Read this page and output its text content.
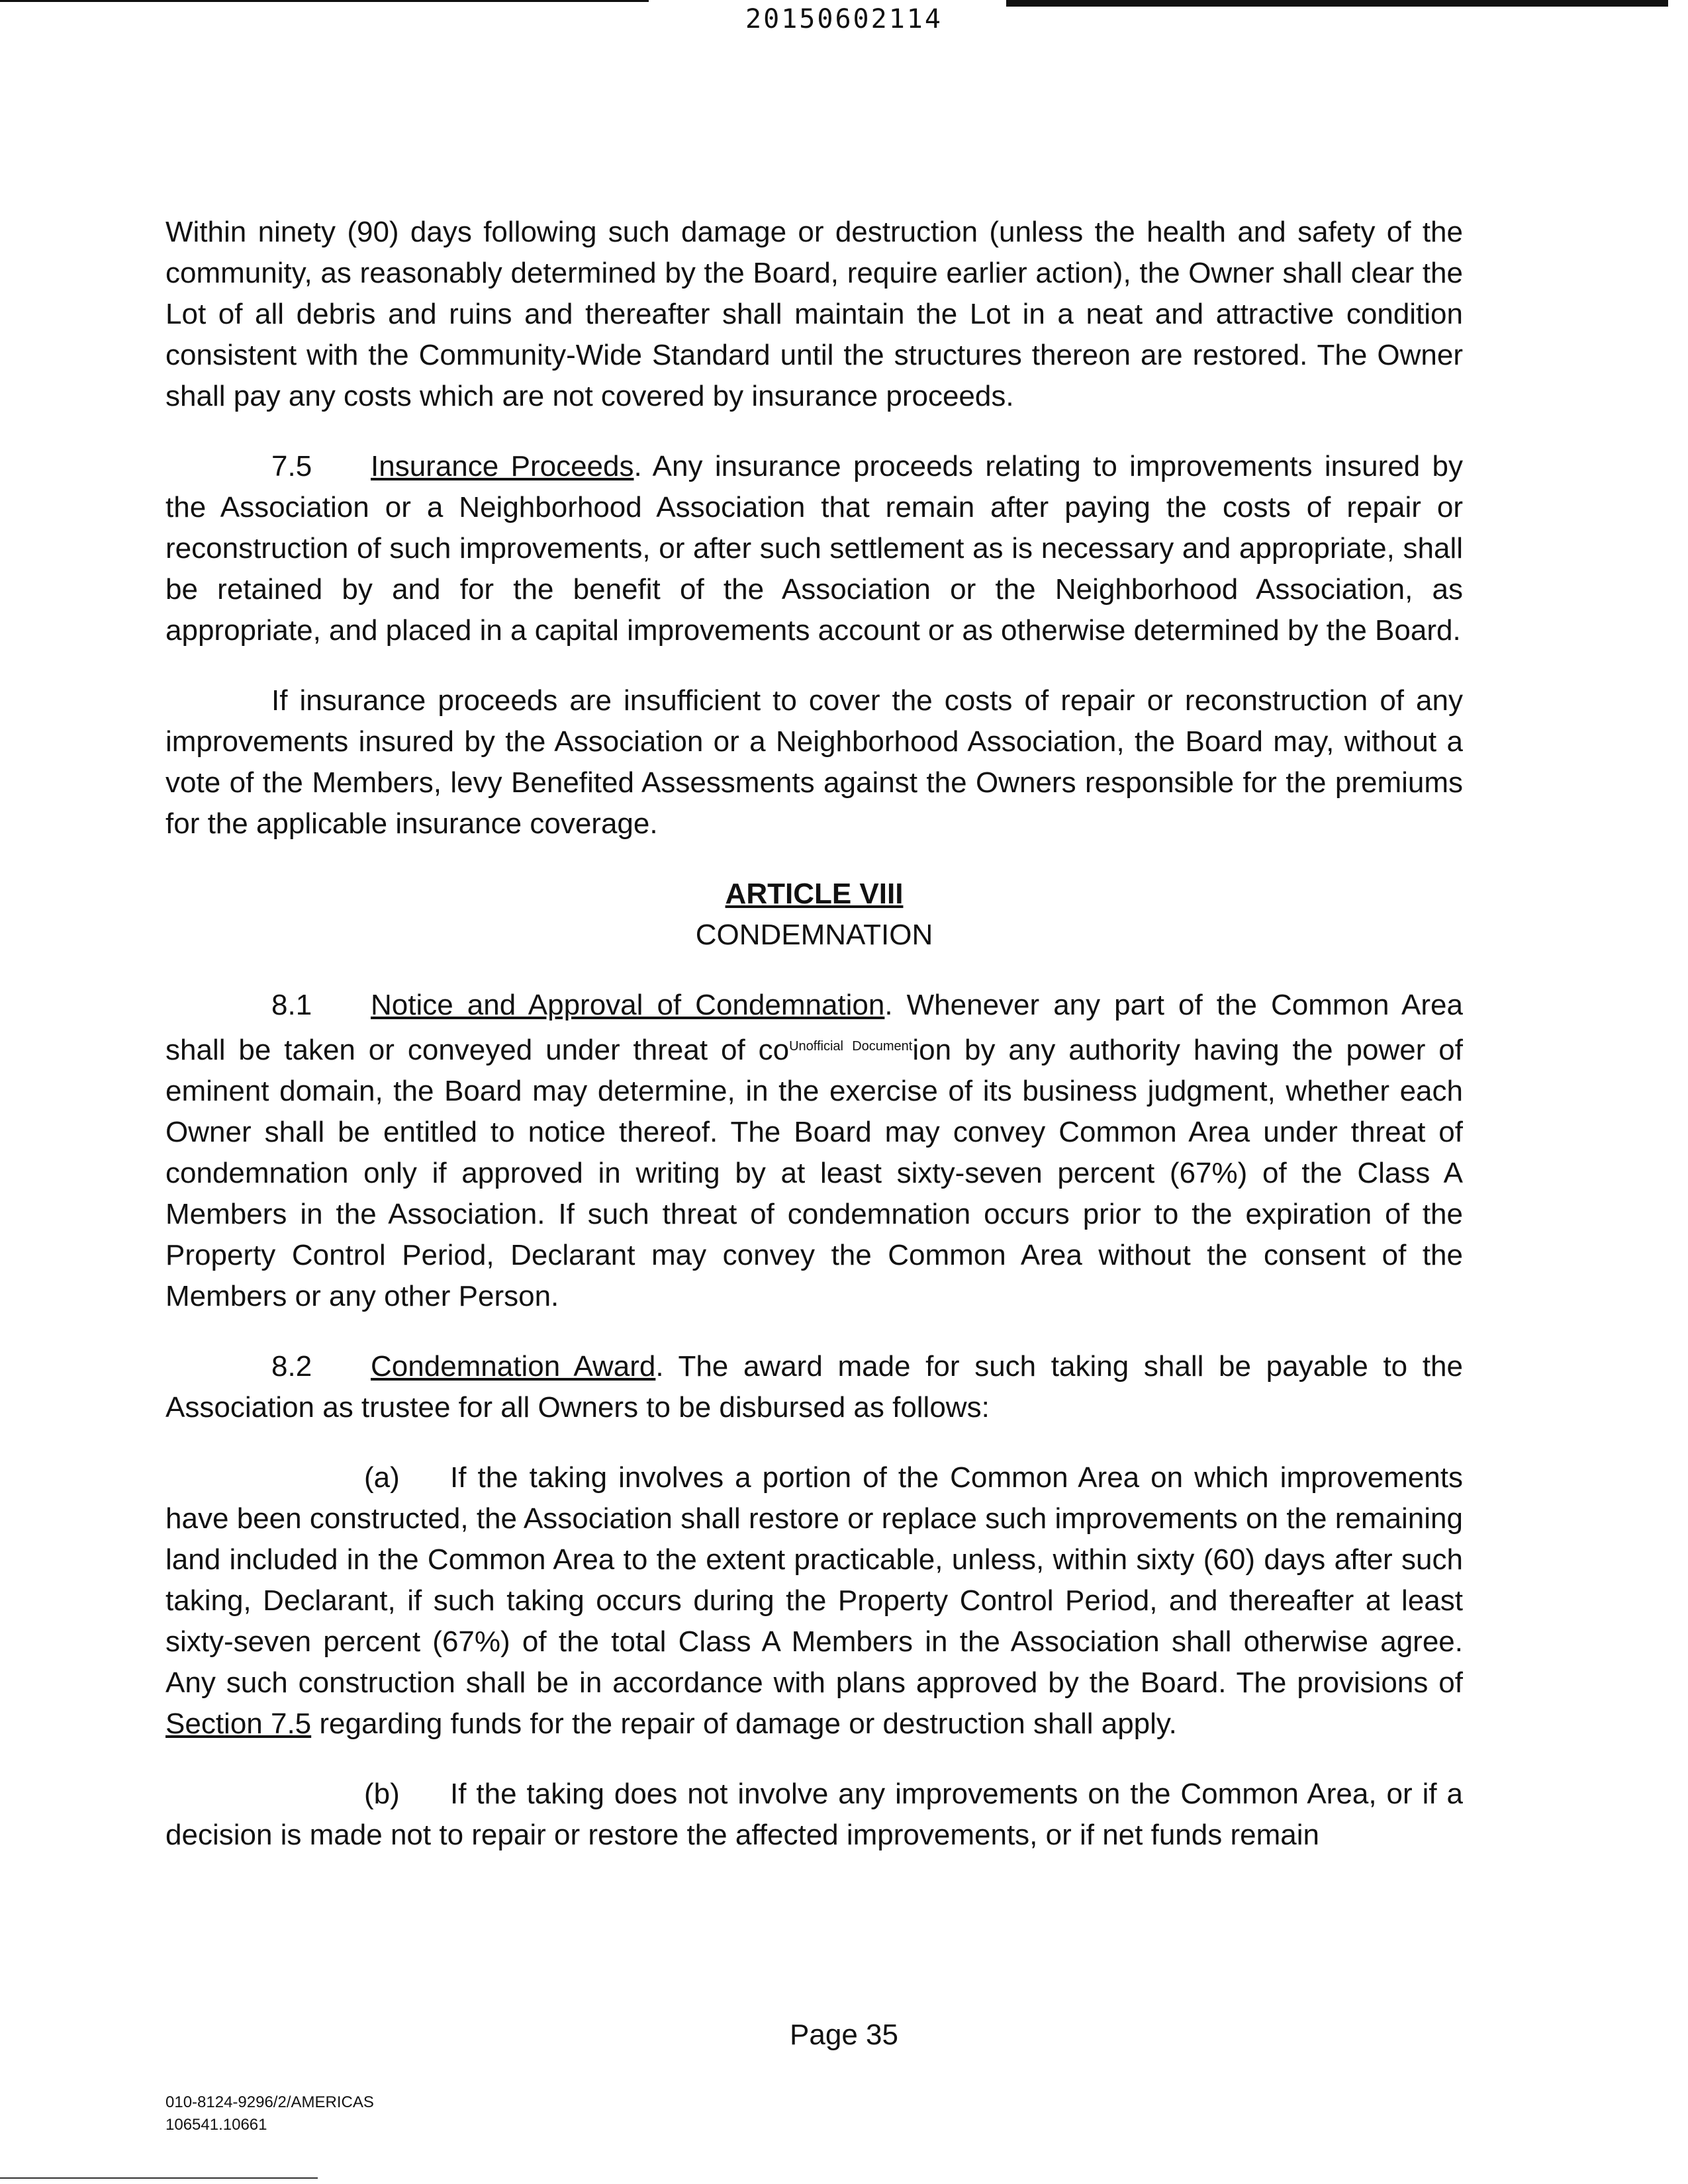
20150602114

Within ninety (90) days following such damage or destruction (unless the health and safety of the community, as reasonably determined by the Board, require earlier action), the Owner shall clear the Lot of all debris and ruins and thereafter shall maintain the Lot in a neat and attractive condition consistent with the Community-Wide Standard until the structures thereon are restored. The Owner shall pay any costs which are not covered by insurance proceeds.

7.5 Insurance Proceeds. Any insurance proceeds relating to improvements insured by the Association or a Neighborhood Association that remain after paying the costs of repair or reconstruction of such improvements, or after such settlement as is necessary and appropriate, shall be retained by and for the benefit of the Association or the Neighborhood Association, as appropriate, and placed in a capital improvements account or as otherwise determined by the Board.

If insurance proceeds are insufficient to cover the costs of repair or reconstruction of any improvements insured by the Association or a Neighborhood Association, the Board may, without a vote of the Members, levy Benefited Assessments against the Owners responsible for the premiums for the applicable insurance coverage.

ARTICLE VIII
CONDEMNATION

8.1 Notice and Approval of Condemnation. Whenever any part of the Common Area shall be taken or conveyed under threat of $co^{Unofficial Document}ion$ by any authority having the power of eminent domain, the Board may determine, in the exercise of its business judgment, whether each Owner shall be entitled to notice thereof. The Board may convey Common Area under threat of condemnation only if approved in writing by at least sixty-seven percent (67%) of the Class A Members in the Association. If such threat of condemnation occurs prior to the expiration of the Property Control Period, Declarant may convey the Common Area without the consent of the Members or any other Person.

8.2 Condemnation Award. The award made for such taking shall be payable to the Association as trustee for all Owners to be disbursed as follows:

(a) If the taking involves a portion of the Common Area on which improvements have been constructed, the Association shall restore or replace such improvements on the remaining land included in the Common Area to the extent practicable, unless, within sixty (60) days after such taking, Declarant, if such taking occurs during the Property Control Period, and thereafter at least sixty-seven percent (67%) of the total Class A Members in the Association shall otherwise agree. Any such construction shall be in accordance with plans approved by the Board. The provisions of Section 7.5 regarding funds for the repair of damage or destruction shall apply.

(b) If the taking does not involve any improvements on the Common Area, or if a decision is made not to repair or restore the affected improvements, or if net funds remain

Page 35
010-8124-9296/2/AMERICAS
106541.10661
